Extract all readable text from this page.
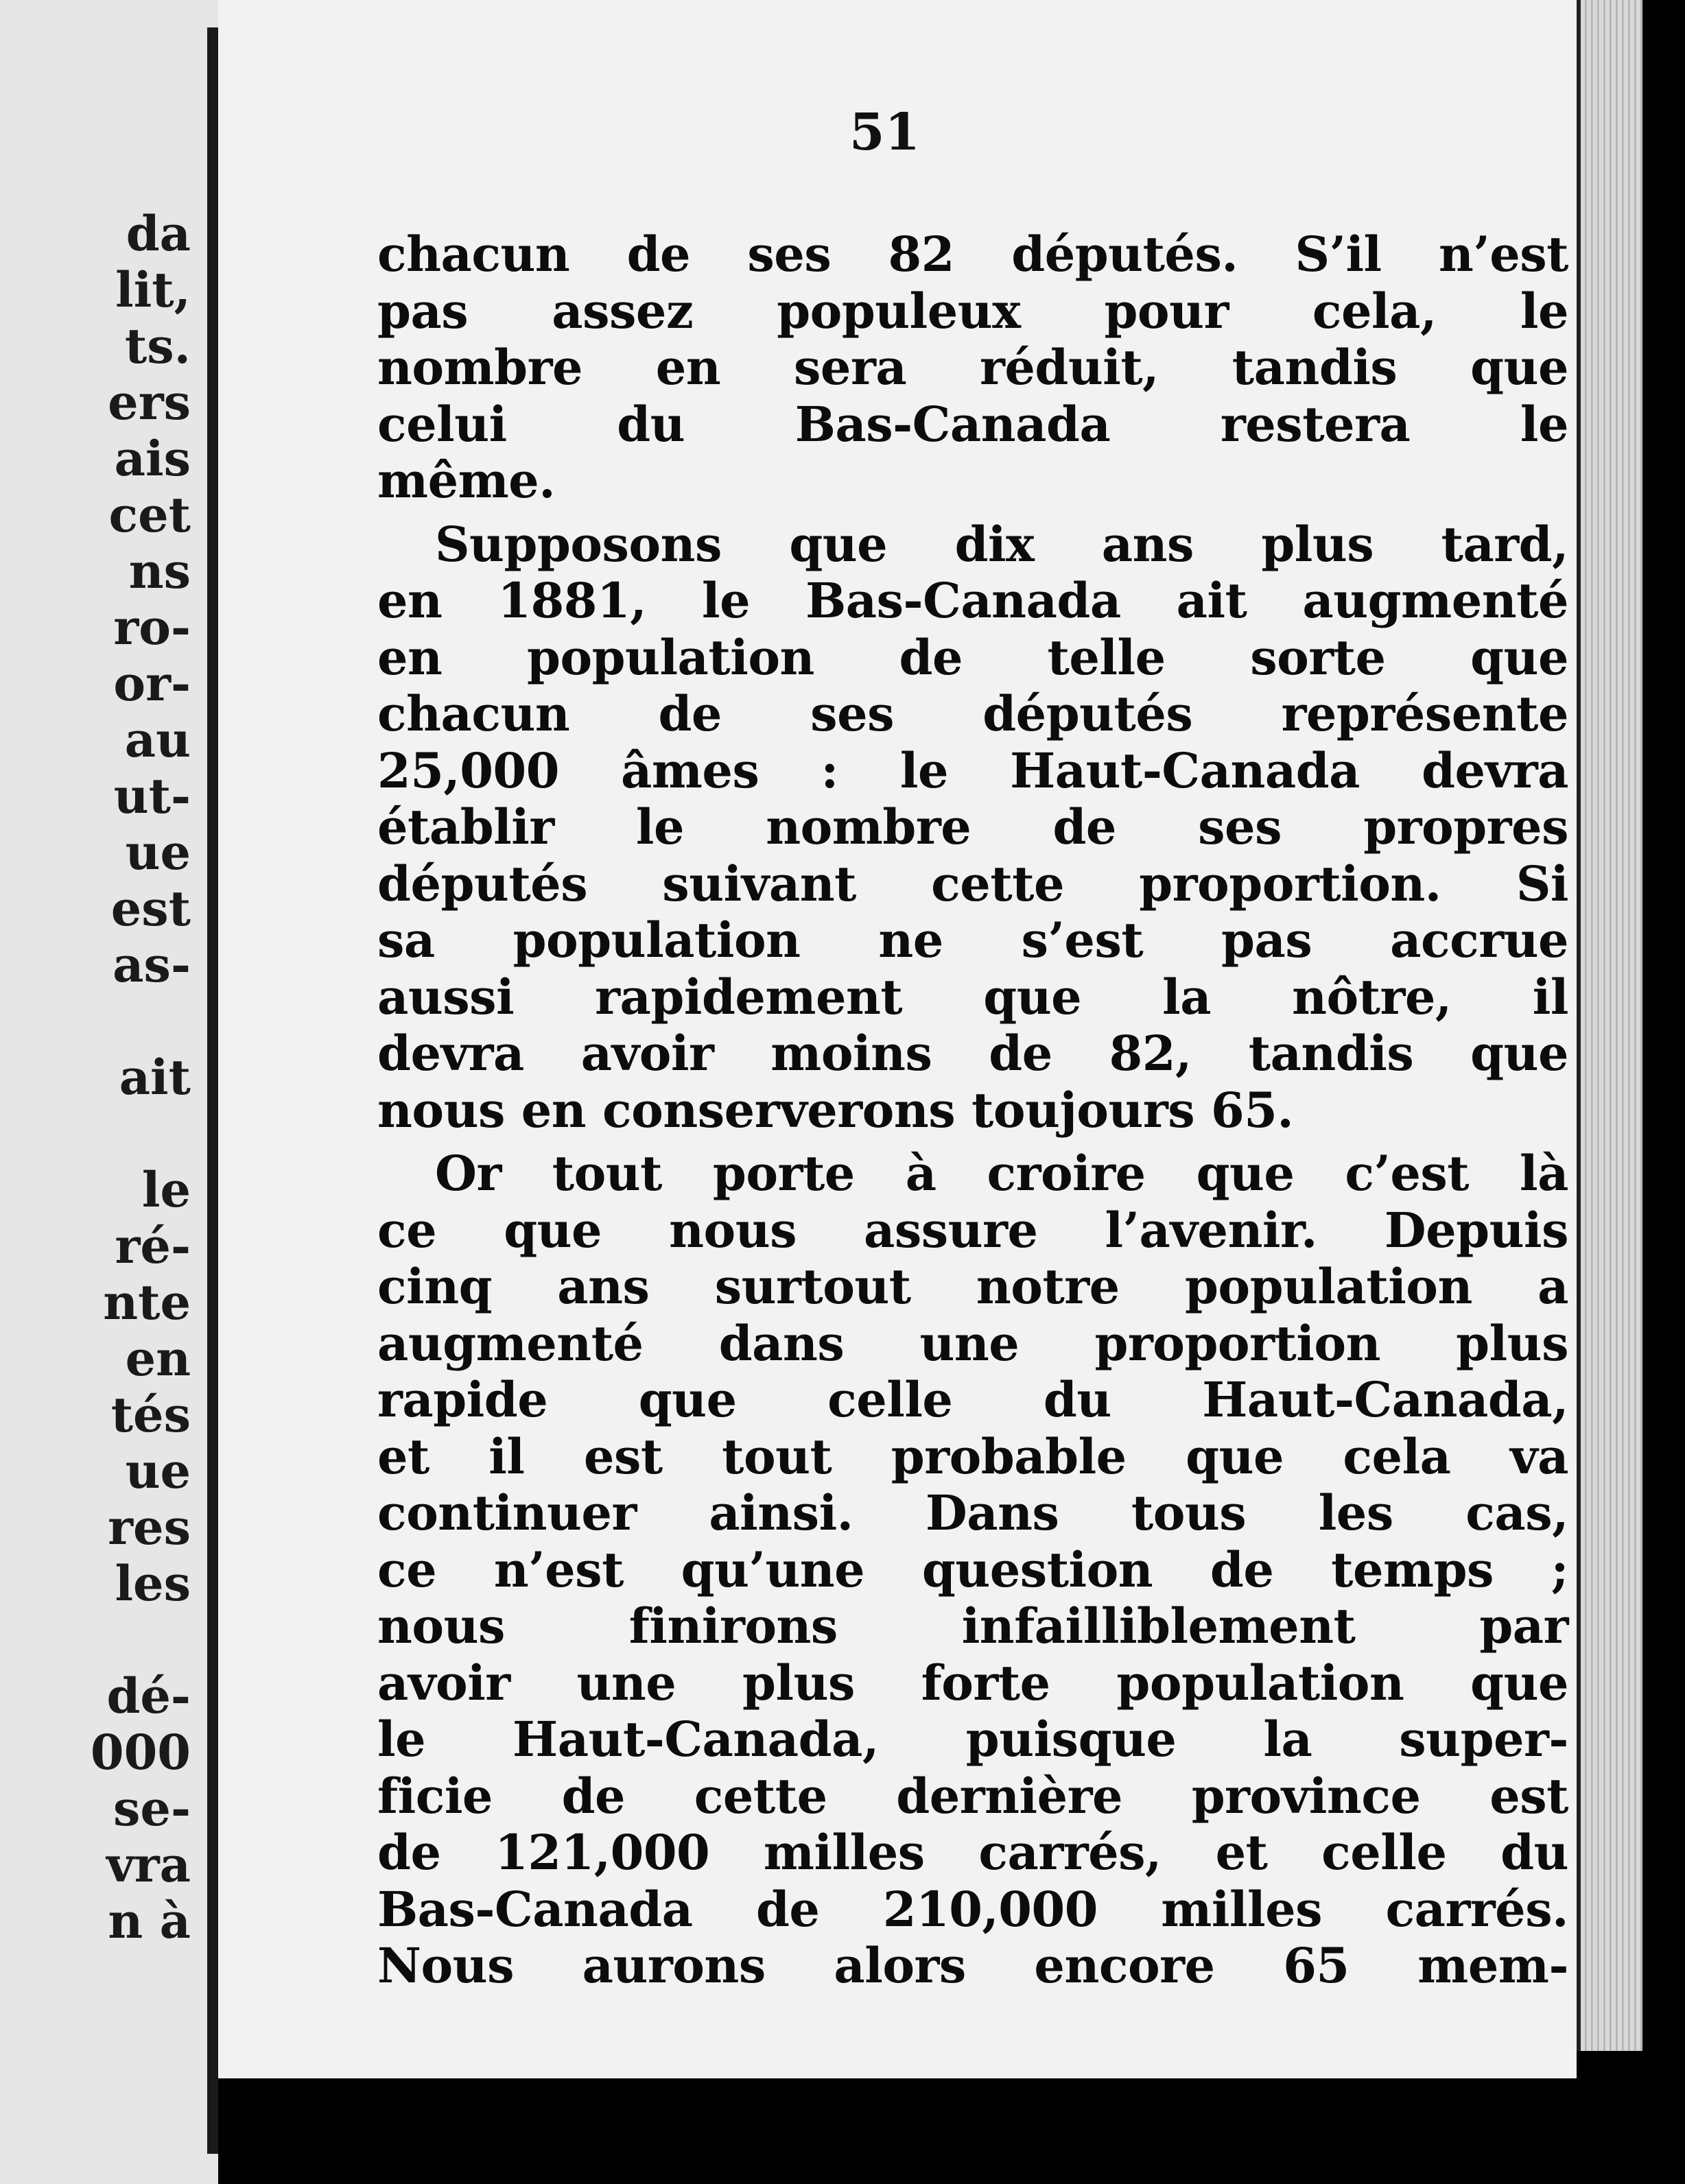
da
lit,
ts.
ers
ais
cet
ns
ro-
or-
au
ut-
ue
est
as-
ait
le
ré-
nte
en
tés
ue
res
les
dé-
000
se-
vra
n à
51
chacun de ses 82 députés. S’il n’est
pas assez populeux pour cela, le
nombre en sera réduit, tandis que
celui du Bas-Canada restera le
même.
Supposons que dix ans plus tard,
en 1881, le Bas-Canada ait augmenté
en population de telle sorte que
chacun de ses députés représente
25,000 âmes : le Haut-Canada devra
établir le nombre de ses propres
députés suivant cette proportion. Si
sa population ne s’est pas accrue
aussi rapidement que la nôtre, il
devra avoir moins de 82, tandis que
nous en conserverons toujours 65.
Or tout porte à croire que c’est là
ce que nous assure l’avenir. Depuis
cinq ans surtout notre population a
augmenté dans une proportion plus
rapide que celle du Haut-Canada,
et il est tout probable que cela va
continuer ainsi. Dans tous les cas,
ce n’est qu’une question de temps ;
nous finirons infailliblement par
avoir une plus forte population que
le Haut-Canada, puisque la super-
ficie de cette dernière province est
de 121,000 milles carrés, et celle du
Bas-Canada de 210,000 milles carrés.
Nous aurons alors encore 65 mem-
